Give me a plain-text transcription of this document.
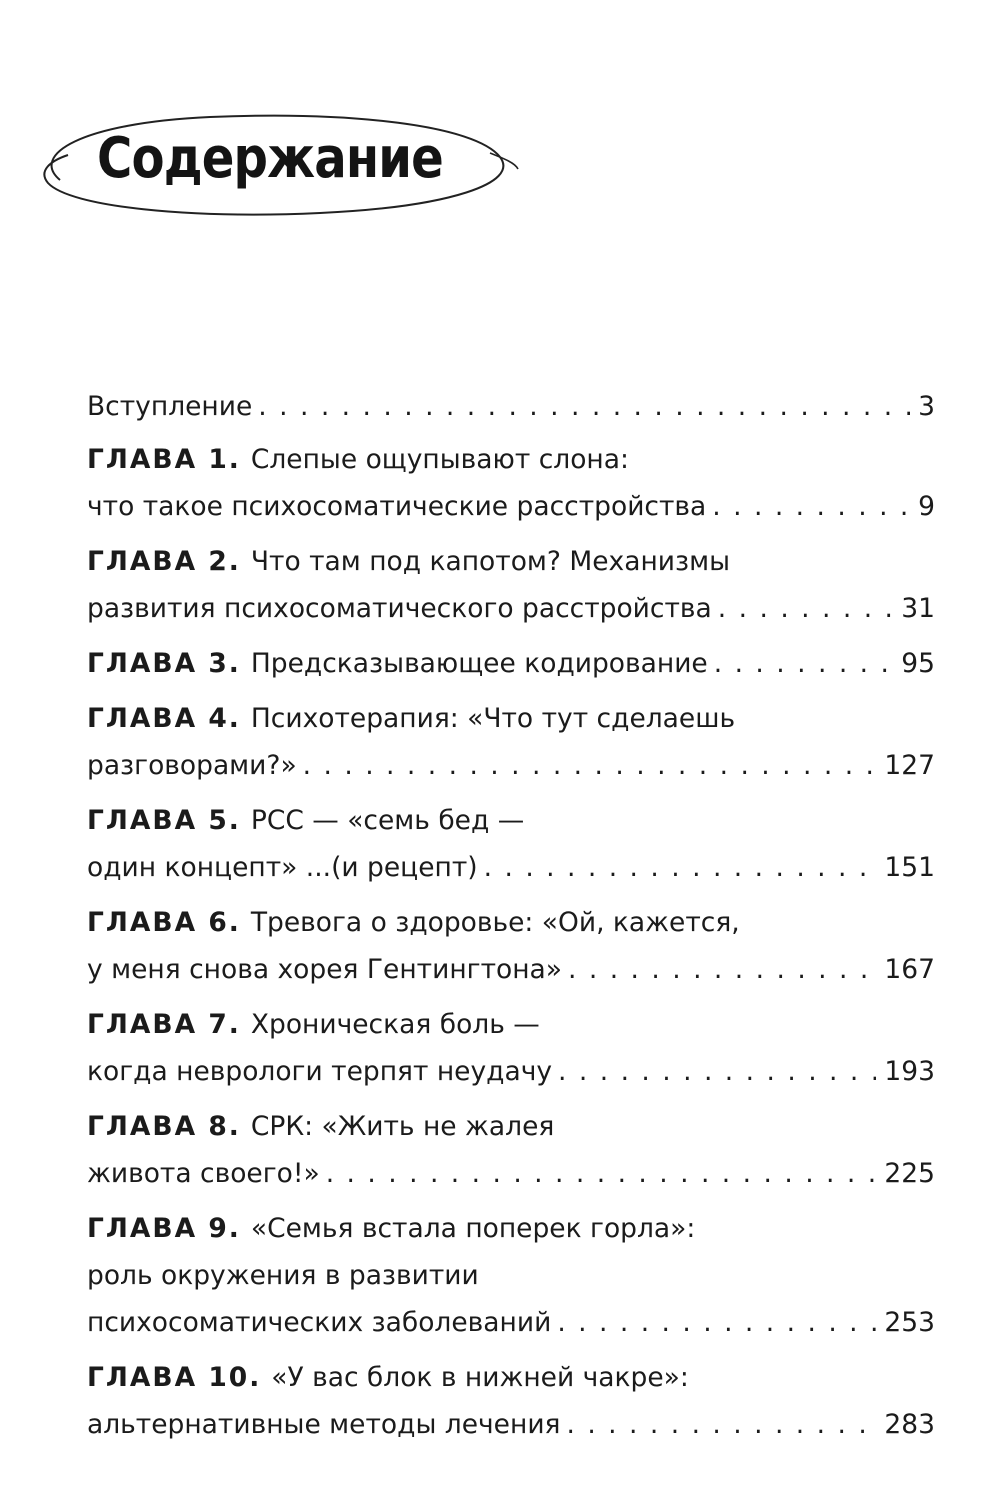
Содержание
Вступление . . .	3
ГЛАВА 1. Слепые ощупывают слона:
что такое психосоматические расстройства . . .	9
ГЛАВА 2. Что там под капотом? Механизмы
развития психосоматического расстройства . . .	31
ГЛАВА 3. Предсказывающее кодирование . . .	95
ГЛАВА 4. Психотерапия: «Что тут сделаешь
разговорами?» . . .	127
ГЛАВА 5. РСС — «семь бед —
один концепт» ...(и рецепт) . . .	151
ГЛАВА 6. Тревога о здоровье: «Ой, кажется,
у меня снова хорея Гентингтона» . . .	167
ГЛАВА 7. Хроническая боль —
когда неврологи терпят неудачу . . .	193
ГЛАВА 8. СРК: «Жить не жалея
живота своего!» . . .	225
ГЛАВА 9. «Семья встала поперек горла»:
роль окружения в развитии
психосоматических заболеваний . . .	253
ГЛАВА 10. «У вас блок в нижней чакре»:
альтернативные методы лечения . . .	283
